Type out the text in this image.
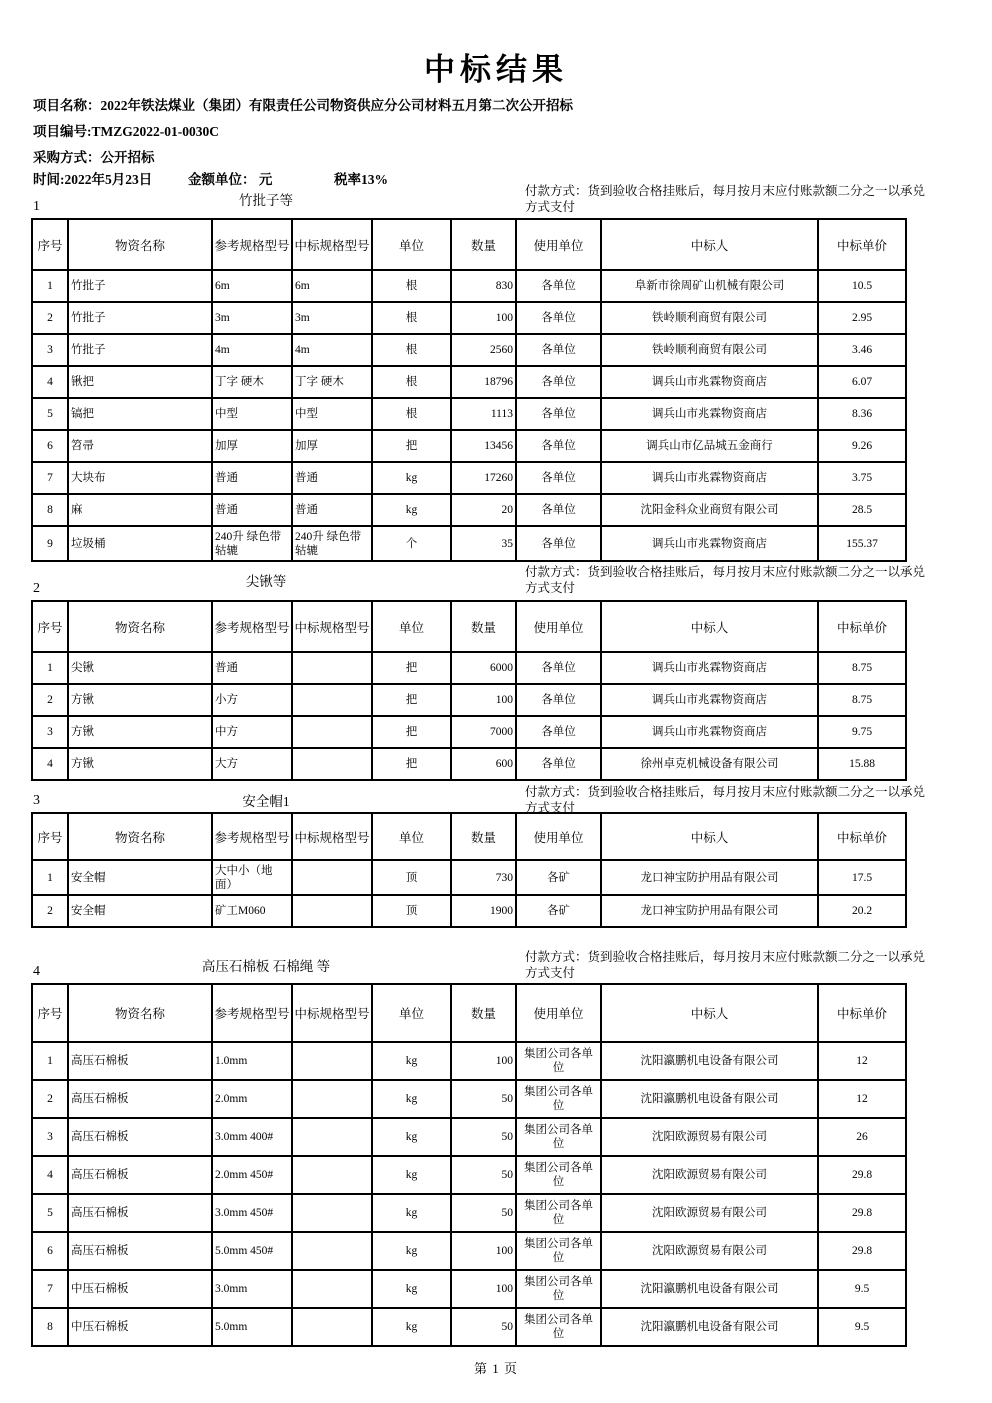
中标结果
项目名称：2022年铁法煤业（集团）有限责任公司物资供应分公司材料五月第二次公开招标
项目编号:TMZG2022-01-0030C
采购方式：公开招标
时间:2022年5月23日	金额单位： 元	税率13%
付款方式：货到验收合格挂账后，每月按月末应付账款额二分之一以承兑方式支付
竹批子等
1
序号	物资名称	参考规格型号	中标规格型号	单位	数量	使用单位	中标人	中标单价
1	竹批子	6m	6m	根	830	各单位	阜新市徐周矿山机械有限公司	10.5
2	竹批子	3m	3m	根	100	各单位	铁岭顺利商贸有限公司	2.95
3	竹批子	4m	4m	根	2560	各单位	铁岭顺利商贸有限公司	3.46
4	锹把	丁字 硬木	丁字 硬木	根	18796	各单位	调兵山市兆霖物资商店	6.07
5	镐把	中型	中型	根	1113	各单位	调兵山市兆霖物资商店	8.36
6	笤帚	加厚	加厚	把	13456	各单位	调兵山市亿品城五金商行	9.26
7	大块布	普通	普通	kg	17260	各单位	调兵山市兆霖物资商店	3.75
8	麻	普通	普通	kg	20	各单位	沈阳金科众业商贸有限公司	28.5
9	垃圾桶	240升 绿色带轱辘	240升 绿色带轱辘	个	35	各单位	调兵山市兆霖物资商店	155.37
付款方式：货到验收合格挂账后，每月按月末应付账款额二分之一以承兑方式支付
尖锹等
2
序号	物资名称	参考规格型号	中标规格型号	单位	数量	使用单位	中标人	中标单价
1	尖锹	普通		把	6000	各单位	调兵山市兆霖物资商店	8.75
2	方锹	小方		把	100	各单位	调兵山市兆霖物资商店	8.75
3	方锹	中方		把	7000	各单位	调兵山市兆霖物资商店	9.75
4	方锹	大方		把	600	各单位	徐州卓克机械设备有限公司	15.88
付款方式：货到验收合格挂账后，每月按月末应付账款额二分之一以承兑方式支付
安全帽1
3
序号	物资名称	参考规格型号	中标规格型号	单位	数量	使用单位	中标人	中标单价
1	安全帽	大中小（地面）		顶	730	各矿	龙口神宝防护用品有限公司	17.5
2	安全帽	矿工M060		顶	1900	各矿	龙口神宝防护用品有限公司	20.2
付款方式：货到验收合格挂账后，每月按月末应付账款额二分之一以承兑方式支付
高压石棉板 石棉绳 等
4
序号	物资名称	参考规格型号	中标规格型号	单位	数量	使用单位	中标人	中标单价
1	高压石棉板	1.0mm		kg	100	集团公司各单位	沈阳瀛鹏机电设备有限公司	12
2	高压石棉板	2.0mm		kg	50	集团公司各单位	沈阳瀛鹏机电设备有限公司	12
3	高压石棉板	3.0mm 400#		kg	50	集团公司各单位	沈阳欧源贸易有限公司	26
4	高压石棉板	2.0mm 450#		kg	50	集团公司各单位	沈阳欧源贸易有限公司	29.8
5	高压石棉板	3.0mm 450#		kg	50	集团公司各单位	沈阳欧源贸易有限公司	29.8
6	高压石棉板	5.0mm 450#		kg	100	集团公司各单位	沈阳欧源贸易有限公司	29.8
7	中压石棉板	3.0mm		kg	100	集团公司各单位	沈阳瀛鹏机电设备有限公司	9.5
8	中压石棉板	5.0mm		kg	50	集团公司各单位	沈阳瀛鹏机电设备有限公司	9.5
第 1 页
